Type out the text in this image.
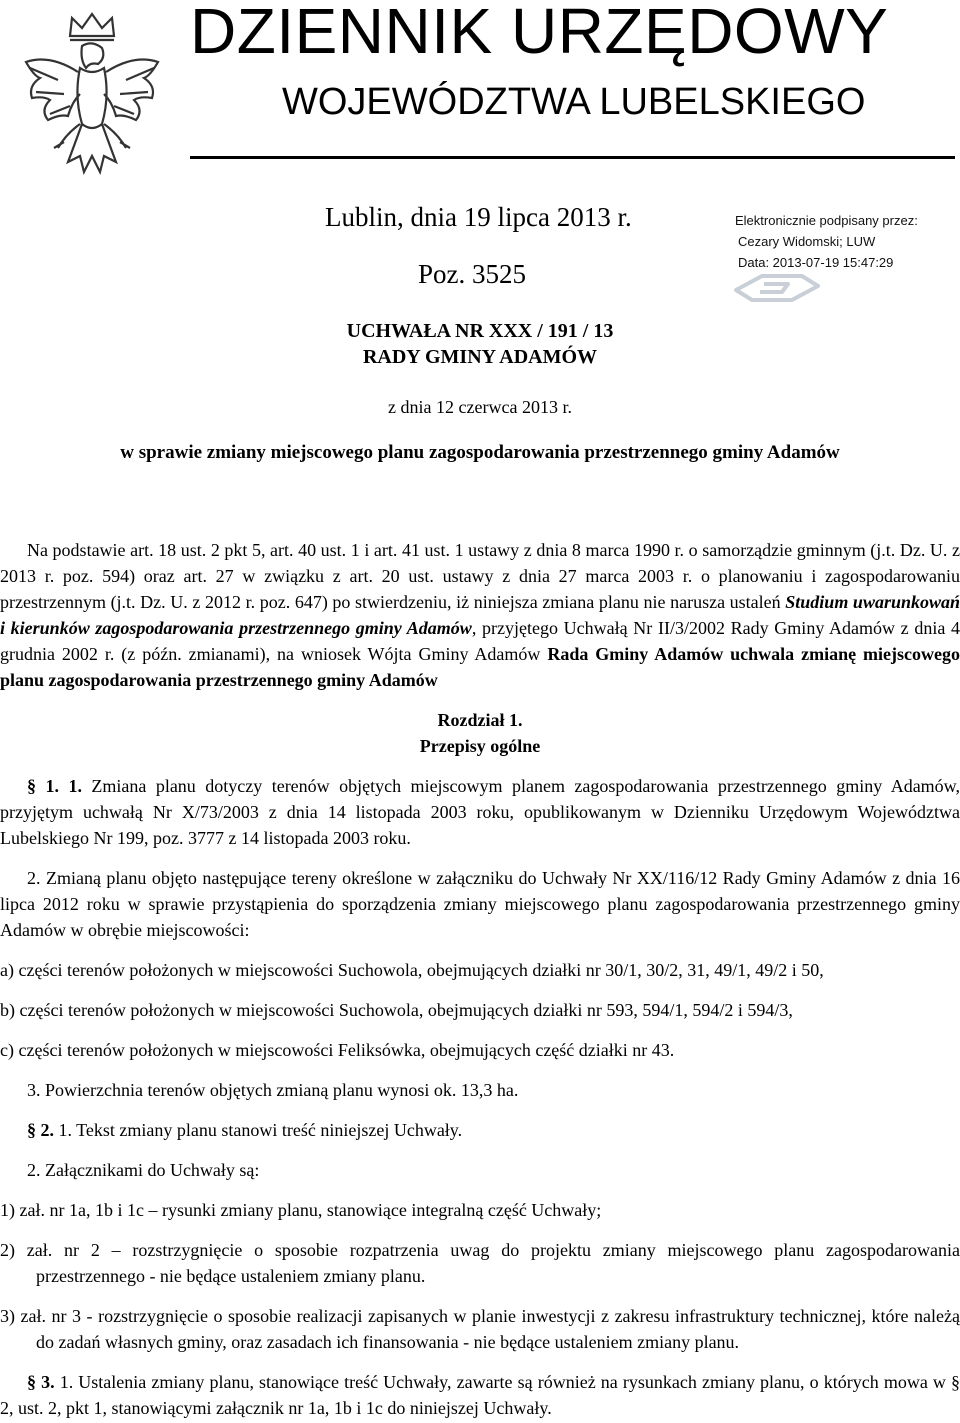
DZIENNIK URZĘDOWY
WOJEWÓDZTWA LUBELSKIEGO
Lublin, dnia 19 lipca 2013 r.
Poz. 3525
Elektronicznie podpisany przez:
Cezary Widomski; LUW
Data: 2013-07-19 15:47:29
UCHWAŁA NR XXX / 191 / 13
RADY GMINY ADAMÓW
z dnia 12 czerwca 2013 r.
w sprawie zmiany miejscowego planu zagospodarowania przestrzennego gminy Adamów

Na podstawie art. 18 ust. 2 pkt 5, art. 40 ust. 1 i art. 41 ust. 1 ustawy z dnia 8 marca 1990 r. o samorządzie gminnym (j.t. Dz. U. z 2013 r. poz. 594) oraz art. 27 w związku z art. 20 ust. ustawy z dnia 27 marca 2003 r. o planowaniu i zagospodarowaniu przestrzennym (j.t. Dz. U. z 2012 r. poz. 647) po stwierdzeniu, iż niniejsza zmiana planu nie narusza ustaleń Studium uwarunkowań i kierunków zagospodarowania przestrzennego gminy Adamów, przyjętego Uchwałą Nr II/3/2002 Rady Gminy Adamów z dnia 4 grudnia 2002 r. (z późn. zmianami), na wniosek Wójta Gminy Adamów Rada Gminy Adamów uchwala zmianę miejscowego planu zagospodarowania przestrzennego gminy Adamów

Rozdział 1.

Przepisy ogólne

§ 1. 1. Zmiana planu dotyczy terenów objętych miejscowym planem zagospodarowania przestrzennego gminy Adamów, przyjętym uchwałą Nr X/73/2003 z dnia 14 listopada 2003 roku, opublikowanym w Dzienniku Urzędowym Województwa Lubelskiego Nr 199, poz. 3777 z 14 listopada 2003 roku.

2. Zmianą planu objęto następujące tereny określone w załączniku do Uchwały Nr XX/116/12 Rady Gminy Adamów z dnia 16 lipca 2012 roku w sprawie przystąpienia do sporządzenia zmiany miejscowego planu zagospodarowania przestrzennego gminy Adamów w obrębie miejscowości:

a) części terenów położonych w miejscowości Suchowola, obejmujących działki nr 30/1, 30/2, 31, 49/1, 49/2 i 50,

b) części terenów położonych w miejscowości Suchowola, obejmujących działki nr 593, 594/1, 594/2 i 594/3,

c) części terenów położonych w miejscowości Feliksówka, obejmujących część działki nr 43.

3. Powierzchnia terenów objętych zmianą planu wynosi ok. 13,3 ha.

§ 2. 1. Tekst zmiany planu stanowi treść niniejszej Uchwały.

2. Załącznikami do Uchwały są:

1) zał. nr 1a, 1b i 1c – rysunki zmiany planu, stanowiące integralną część Uchwały;

2) zał. nr 2 – rozstrzygnięcie o sposobie rozpatrzenia uwag do projektu zmiany miejscowego planu zagospodarowania przestrzennego - nie będące ustaleniem zmiany planu.

3) zał. nr 3 - rozstrzygnięcie o sposobie realizacji zapisanych w planie inwestycji z zakresu infrastruktury technicznej, które należą do zadań własnych gminy, oraz zasadach ich finansowania - nie będące ustaleniem zmiany planu.

§ 3. 1. Ustalenia zmiany planu, stanowiące treść Uchwały, zawarte są również na rysunkach zmiany planu, o których mowa w § 2, ust. 2, pkt 1, stanowiącymi załącznik nr 1a, 1b i 1c do niniejszej Uchwały.
